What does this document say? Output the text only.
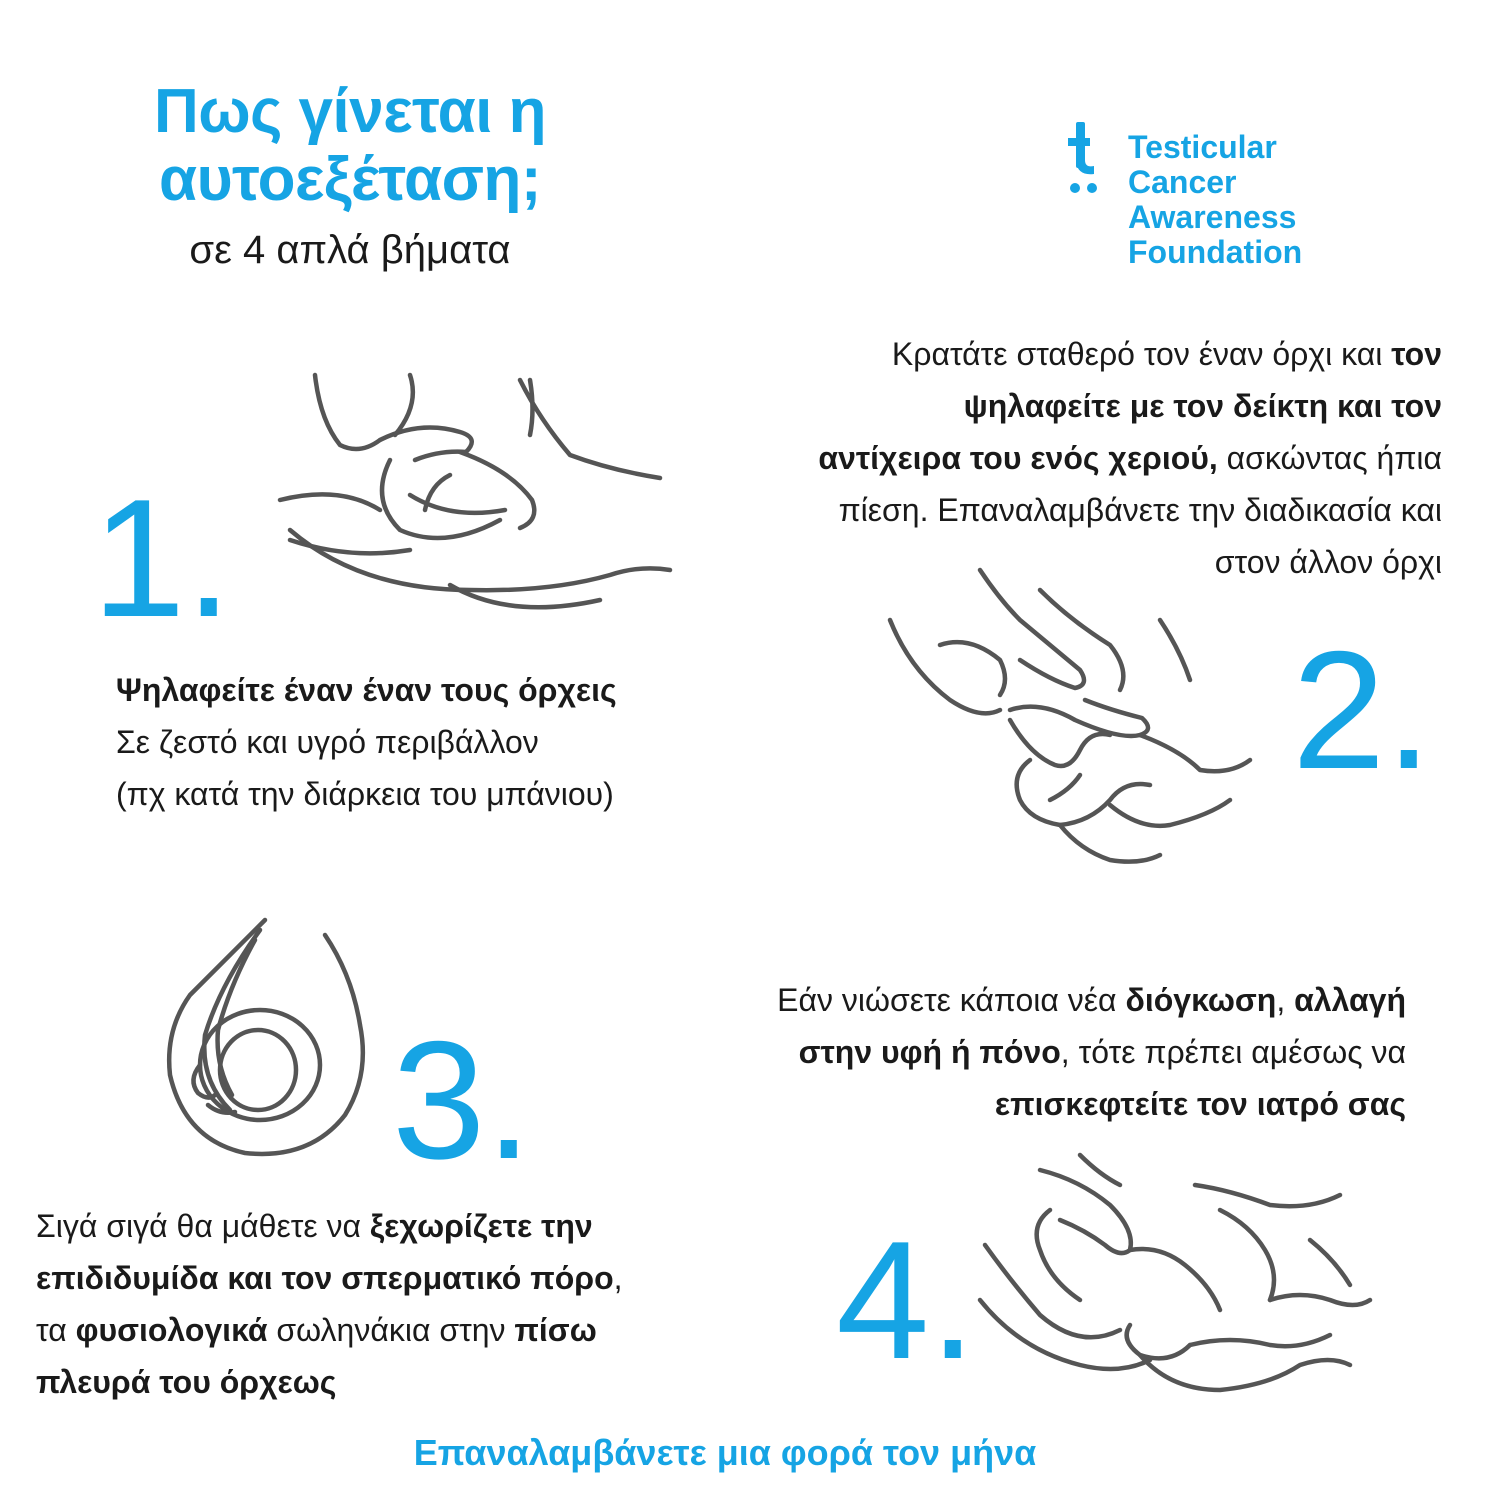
Πως γίνεται η
αυτοεξέταση;
σε 4 απλά βήματα
Testicular
Cancer
Awareness
Foundation
1.
Ψηλαφείτε έναν έναν τους όρχεις
Σε ζεστό και υγρό περιβάλλον
(πχ κατά την διάρκεια του μπάνιου)
Κρατάτε σταθερό τον έναν όρχι και τον
ψηλαφείτε με τον δείκτη και τον
αντίχειρα του ενός χεριού, ασκώντας ήπια
πίεση. Επαναλαμβάνετε την διαδικασία και
στον άλλον όρχι
2.
3.
Σιγά σιγά θα μάθετε να ξεχωρίζετε την
επιδιδυμίδα και τον σπερματικό πόρο,
τα φυσιολογικά σωληνάκια στην πίσω
πλευρά του όρχεως
Εάν νιώσετε κάποια νέα διόγκωση, αλλαγή
στην υφή ή πόνο, τότε πρέπει αμέσως να
επισκεφτείτε τον ιατρό σας
4.
Επαναλαμβάνετε μια φορά τον μήνα
